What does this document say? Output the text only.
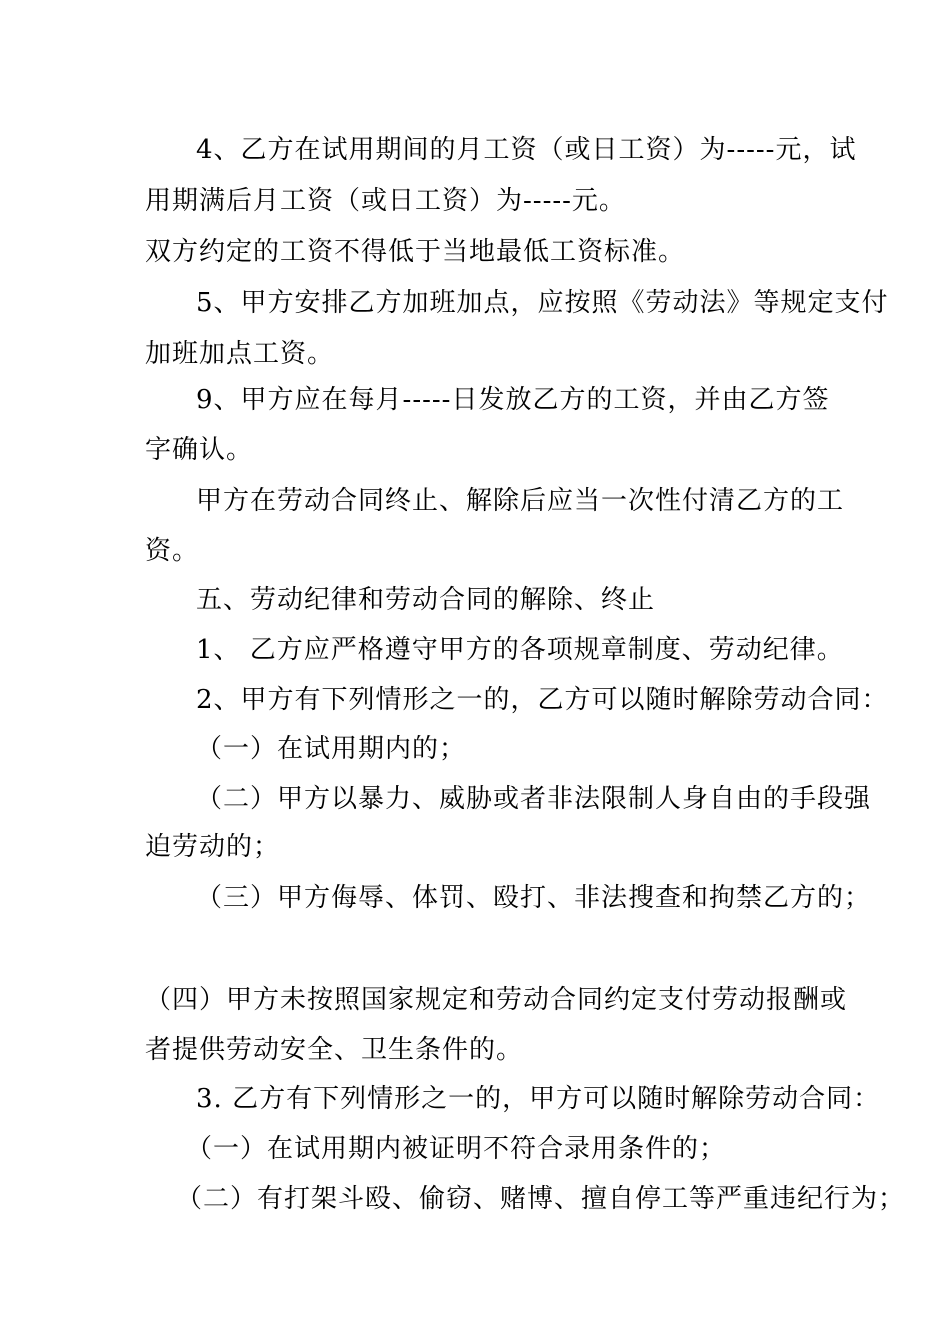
4、乙方在试用期间的月工资（或日工资）为-----元，试
用期满后月工资（或日工资）为-----元。
双方约定的工资不得低于当地最低工资标准。
5、甲方安排乙方加班加点，应按照《劳动法》等规定支付
加班加点工资。
9、甲方应在每月-----日发放乙方的工资，并由乙方签
字确认。
甲方在劳动合同终止、解除后应当一次性付清乙方的工
资。
五、劳动纪律和劳动合同的解除、终止
1、 乙方应严格遵守甲方的各项规章制度、劳动纪律。
2、甲方有下列情形之一的，乙方可以随时解除劳动合同：
（一）在试用期内的；
（二）甲方以暴力、威胁或者非法限制人身自由的手段强
迫劳动的；
（三）甲方侮辱、体罚、殴打、非法搜查和拘禁乙方的；
（四）甲方未按照国家规定和劳动合同约定支付劳动报酬或
者提供劳动安全、卫生条件的。
3. 乙方有下列情形之一的，甲方可以随时解除劳动合同：
（一）在试用期内被证明不符合录用条件的；
（二）有打架斗殴、偷窃、赌博、擅自停工等严重违纪行为；
